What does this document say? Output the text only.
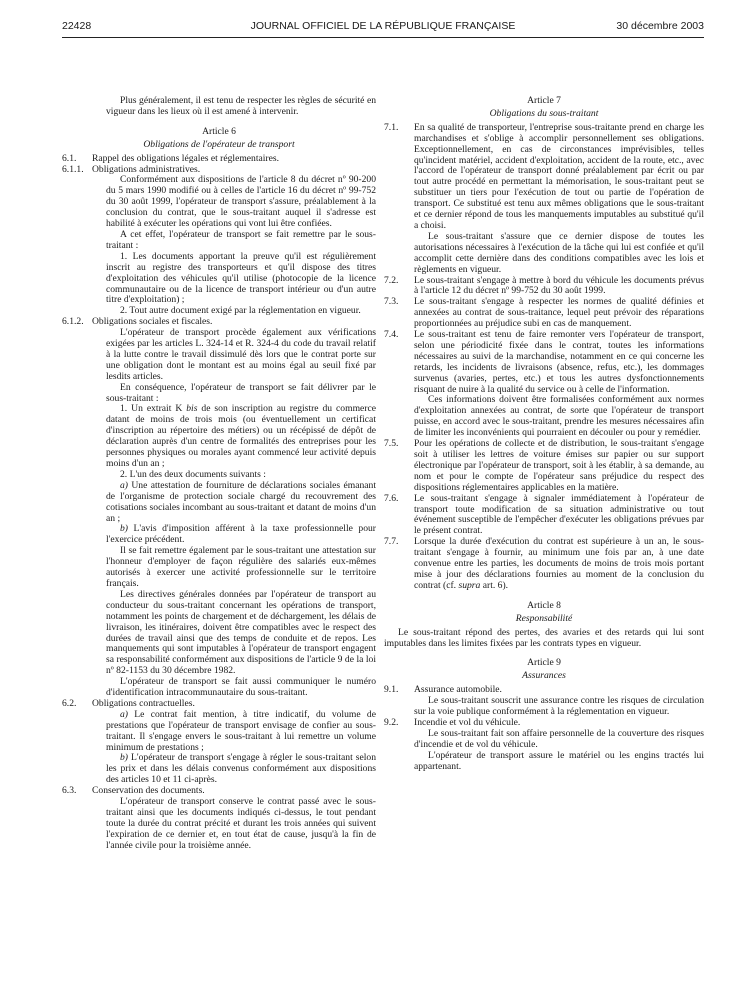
22428	JOURNAL OFFICIEL DE LA RÉPUBLIQUE FRANÇAISE	30 décembre 2003

Plus généralement, il est tenu de respecter les règles de sécurité en vigueur dans les lieux où il est amené à intervenir.

Article 6
Obligations de l'opérateur de transport
6.1.	Rappel des obligations légales et réglementaires.
6.1.1. Obligations administratives.

Conformément aux dispositions de l'article 8 du décret nº 90-200 du 5 mars 1990 modifié ou à celles de l'article 16 du décret nº 99-752 du 30 août 1999, l'opérateur de transport s'assure, préalablement à la conclusion du contrat, que le sous-traitant auquel il s'adresse est habilité à exécuter les opérations qui vont lui être confiées.

A cet effet, l'opérateur de transport se fait remettre par le sous-traitant :

1. Les documents apportant la preuve qu'il est régulièrement inscrit au registre des transporteurs et qu'il dispose des titres d'exploitation des véhicules qu'il utilise (photocopie de la licence communautaire ou de la licence de transport intérieur ou d'un autre titre d'exploitation) ;

2. Tout autre document exigé par la réglementation en vigueur.

6.1.2. Obligations sociales et fiscales.

L'opérateur de transport procède également aux vérifications exigées par les articles L. 324-14 et R. 324-4 du code du travail relatif à la lutte contre le travail dissimulé dès lors que le contrat porte sur une obligation dont le montant est au moins égal au seuil fixé par lesdits articles.

En conséquence, l'opérateur de transport se fait délivrer par le sous-traitant :

1. Un extrait K bis de son inscription au registre du commerce datant de moins de trois mois (ou éventuellement un certificat d'inscription au répertoire des métiers) ou un récépissé de dépôt de déclaration auprès d'un centre de formalités des entreprises pour les personnes physiques ou morales ayant commencé leur activité depuis moins d'un an ;

2. L'un des deux documents suivants :

a) Une attestation de fourniture de déclarations sociales émanant de l'organisme de protection sociale chargé du recouvrement des cotisations sociales incombant au sous-traitant et datant de moins d'un an ;

b) L'avis d'imposition afférent à la taxe professionnelle pour l'exercice précédent.

Il se fait remettre également par le sous-traitant une attestation sur l'honneur d'employer de façon régulière des salariés eux-mêmes autorisés à exercer une activité professionnelle sur le territoire français.

Les directives générales données par l'opérateur de transport au conducteur du sous-traitant concernant les opérations de transport, notamment les points de chargement et de déchargement, les délais de livraison, les itinéraires, doivent être compatibles avec le respect des durées de travail ainsi que des temps de conduite et de repos. Les manquements qui sont imputables à l'opérateur de transport engagent sa responsabilité conformément aux dispositions de l'article 9 de la loi nº 82-1153 du 30 décembre 1982.

L'opérateur de transport se fait aussi communiquer le numéro d'identification intracommunautaire du sous-traitant.

6.2.	Obligations contractuelles.

a) Le contrat fait mention, à titre indicatif, du volume de prestations que l'opérateur de transport envisage de confier au sous-traitant. Il s'engage envers le sous-traitant à lui remettre un volume minimum de prestations ;

b) L'opérateur de transport s'engage à régler le sous-traitant selon les prix et dans les délais convenus conformément aux dispositions des articles 10 et 11 ci-après.

6.3.	Conservation des documents.

L'opérateur de transport conserve le contrat passé avec le sous-traitant ainsi que les documents indiqués ci-dessus, le tout pendant toute la durée du contrat précité et durant les trois années qui suivent l'expiration de ce dernier et, en tout état de cause, jusqu'à la fin de l'année civile pour la troisième année.

Article 7
Obligations du sous-traitant
7.1.	En sa qualité de transporteur, l'entreprise sous-traitante prend en charge les marchandises et s'oblige à accomplir personnellement ses obligations. Exceptionnellement, en cas de circonstances imprévisibles, telles qu'incident matériel, accident d'exploitation, accident de la route, etc., avec l'accord de l'opérateur de transport donné préalablement par écrit ou par tout autre procédé en permettant la mémorisation, le sous-traitant peut se substituer un tiers pour l'exécution de tout ou partie de l'opération de transport. Ce substitué est tenu aux mêmes obligations que le sous-traitant et ce dernier répond de tous les manquements imputables au substitué qu'il a choisi.

Le sous-traitant s'assure que ce dernier dispose de toutes les autorisations nécessaires à l'exécution de la tâche qui lui est confiée et qu'il accomplit cette dernière dans des conditions compatibles avec les lois et règlements en vigueur.

7.2.	Le sous-traitant s'engage à mettre à bord du véhicule les documents prévus à l'article 12 du décret nº 99-752 du 30 août 1999.
7.3.	Le sous-traitant s'engage à respecter les normes de qualité définies et annexées au contrat de sous-traitance, lequel peut prévoir des réparations proportionnées au préjudice subi en cas de manquement.
7.4.	Le sous-traitant est tenu de faire remonter vers l'opérateur de transport, selon une périodicité fixée dans le contrat, toutes les informations nécessaires au suivi de la marchandise, notamment en ce qui concerne les retards, les incidents de livraisons (absence, refus, etc.), les dommages survenus (avaries, pertes, etc.) et tous les autres dysfonctionnements risquant de nuire à la qualité du service ou à celle de l'information.

Ces informations doivent être formalisées conformément aux normes d'exploitation annexées au contrat, de sorte que l'opérateur de transport puisse, en accord avec le sous-traitant, prendre les mesures nécessaires afin de limiter les inconvénients qui pourraient en découler ou pour y remédier.

7.5.	Pour les opérations de collecte et de distribution, le sous-traitant s'engage soit à utiliser les lettres de voiture émises sur papier ou sur support électronique par l'opérateur de transport, soit à les établir, à sa demande, au nom et pour le compte de l'opérateur sans préjudice du respect des dispositions réglementaires applicables en la matière.
7.6.	Le sous-traitant s'engage à signaler immédiatement à l'opérateur de transport toute modification de sa situation administrative ou tout événement susceptible de l'empêcher d'exécuter les obligations prévues par le présent contrat.
7.7.	Lorsque la durée d'exécution du contrat est supérieure à un an, le sous-traitant s'engage à fournir, au minimum une fois par an, à une date convenue entre les parties, les documents de moins de trois mois portant mise à jour des déclarations fournies au moment de la conclusion du contrat (cf. supra art. 6).
Article 8
Responsabilité

Le sous-traitant répond des pertes, des avaries et des retards qui lui sont imputables dans les limites fixées par les contrats types en vigueur.

Article 9
Assurances
9.1.	Assurance automobile.

Le sous-traitant souscrit une assurance contre les risques de circulation sur la voie publique conformément à la réglementation en vigueur.

9.2.	Incendie et vol du véhicule.

Le sous-traitant fait son affaire personnelle de la couverture des risques d'incendie et de vol du véhicule.

L'opérateur de transport assure le matériel ou les engins tractés lui appartenant.
